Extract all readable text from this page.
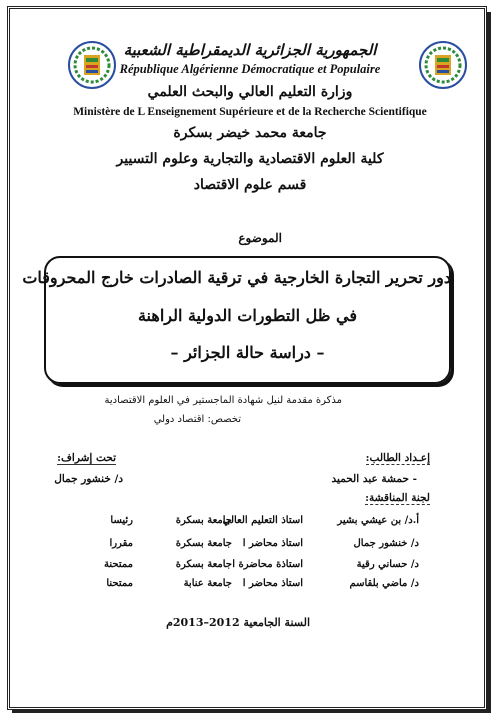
الجمهورية الجزائرية الديمقراطية الشعبية
République Algérienne Démocratique et Populaire
وزارة التعليم العالي والبحث العلمي
Ministère de L Enseignement Supérieure et de la Recherche Scientifique
جامعة محمد خيضر بسكرة
كلية العلوم الاقتصادية والتجارية وعلوم التسيير
قسم علوم الاقتصاد
الموضوع
دور تحرير التجارة الخارجية في ترقية الصادرات خارج المحروقات
في ظل التطورات الدولية الراهنة
– دراسة حالة الجزائر –
مذكرة مقدمة لنيل شهادة الماجستير في العلوم الاقتصادية
تخصص: اقتصاد دولي
إعـداد الطالب:
- حمشة عبد الحميد
لجنة المناقشة:
تحت إشراف:
د/ خنشور جمال
أ.د/ بن عيشي بشير
استاذ التعليم العالي
جامعة بسكرة
رئيسا
د/ خنشور جمال
استاذ محاضر ا
جامعة بسكرة
مقررا
د/ حساني رقية
استاذة محاضرة ا
جامعة بسكرة
ممتحنة
د/ ماضي بلقاسم
استاذ محاضر ا
جامعة عنابة
ممتحنا
السنة الجامعية 2012–2013م
